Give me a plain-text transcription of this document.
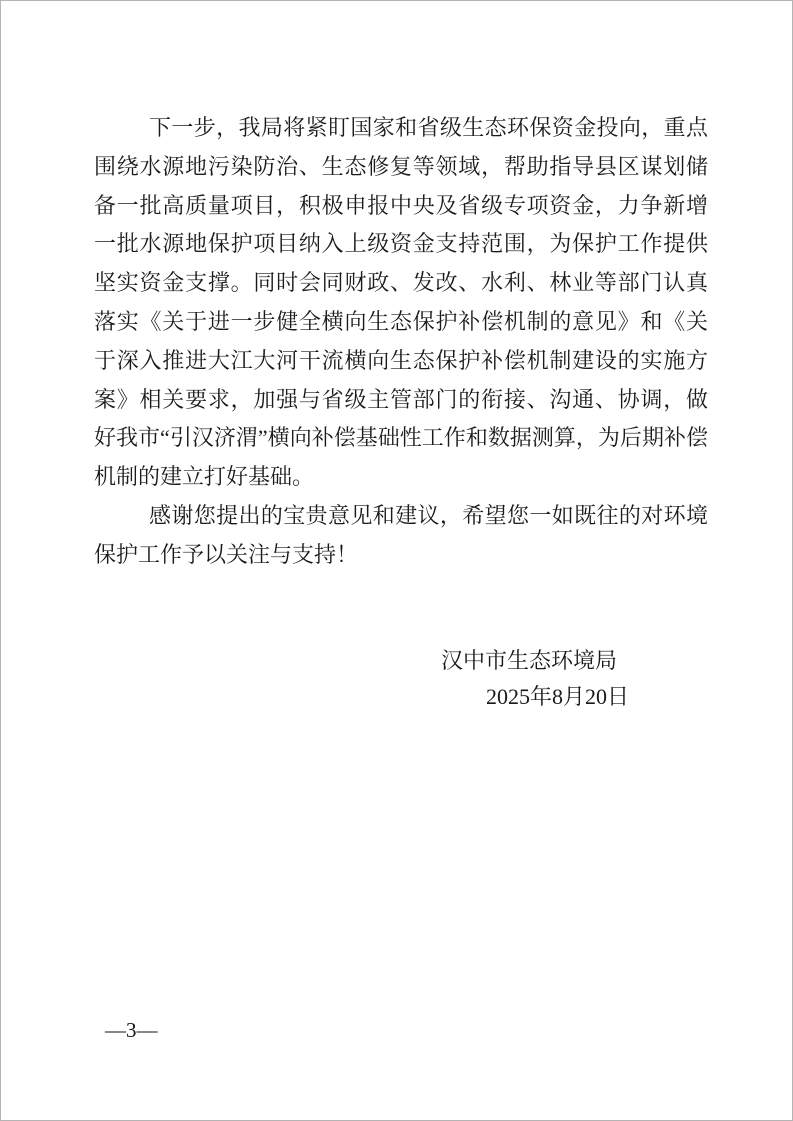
下一步，我局将紧盯国家和省级生态环保资金投向，重点围绕水源地污染防治、生态修复等领域，帮助指导县区谋划储备一批高质量项目，积极申报中央及省级专项资金，力争新增一批水源地保护项目纳入上级资金支持范围，为保护工作提供坚实资金支撑。同时会同财政、发改、水利、林业等部门认真落实《关于进一步健全横向生态保护补偿机制的意见》和《关于深入推进大江大河干流横向生态保护补偿机制建设的实施方案》相关要求，加强与省级主管部门的衔接、沟通、协调，做好我市“引汉济渭”横向补偿基础性工作和数据测算，为后期补偿机制的建立打好基础。

感谢您提出的宝贵意见和建议，希望您一如既往的对环境保护工作予以关注与支持！

汉中市生态环境局
2025年8月20日
—3—
